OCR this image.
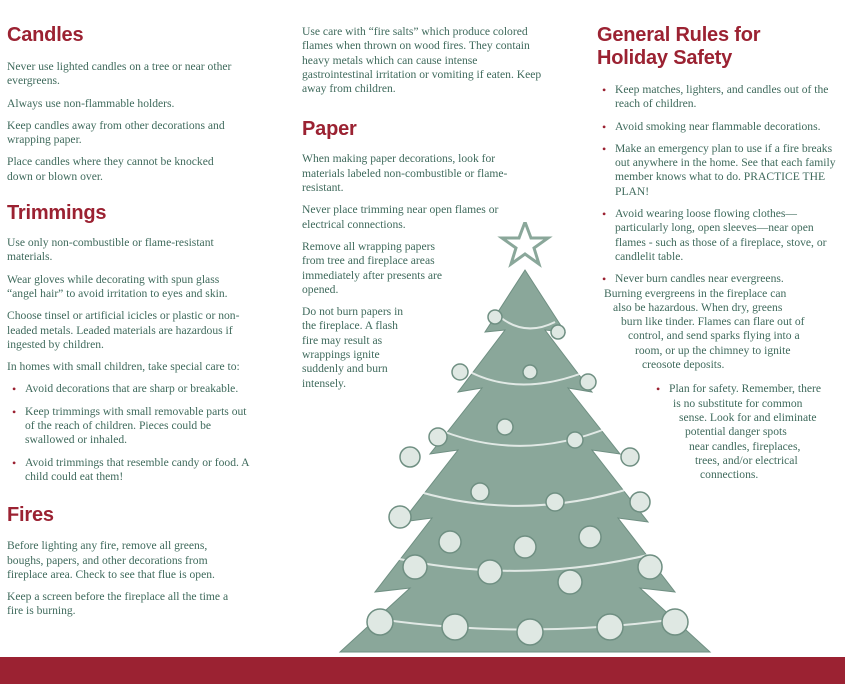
Candles

Never use lighted candles on a tree or near other evergreens.

Always use non-flammable holders.

Keep candles away from other decorations and wrapping paper.

Place candles where they cannot be knocked down or blown over.

Trimmings

Use only non-combustible or flame-resistant materials.

Wear gloves while decorating with spun glass “angel hair” to avoid irritation to eyes and skin.

Choose tinsel or artificial icicles or plastic or non-leaded metals. Leaded materials are hazardous if ingested by children.

In homes with small children, take special care to:

• Avoid decorations that are sharp or breakable.
• Keep trimmings with small removable parts out of the reach of children. Pieces could be swallowed or inhaled.
• Avoid trimmings that resemble candy or food. A child could eat them!
Fires

Before lighting any fire, remove all greens, boughs, papers, and other decorations from fireplace area. Check to see that flue is open.

Keep a screen before the fireplace all the time a fire is burning.

Use care with “fire salts” which produce colored flames when thrown on wood fires. They contain heavy metals which can cause intense gastrointestinal irritation or vomiting if eaten. Keep away from children.

Paper

When making paper decorations, look for materials labeled non-combustible or flame-resistant.

Never place trimming near open flames or electrical connections.

Remove all wrapping papers from tree and fireplace areas immediately after presents are opened.

Do not burn papers in the fireplace. A flash fire may result as wrappings ignite suddenly and burn intensely.

General Rules for
Holiday Safety
• Keep matches, lighters, and candles out of the reach of children.
• Avoid smoking near flammable decorations.
• Make an emergency plan to use if a fire breaks out anywhere in the home. See that each family member knows what to do. PRACTICE THE PLAN!
• Avoid wearing loose flowing clothes—particularly long, open sleeves—near open flames - such as those of a fireplace, stove, or candlelit table.
• Never burn candles near evergreens.
Burning evergreens in the fireplace can
also be hazardous. When dry, greens
burn like tinder. Flames can flare out of
control, and send sparks flying into a
room, or up the chimney to ignite
creosote deposits.
• Plan for safety. Remember, there
is no substitute for common
sense. Look for and eliminate
potential danger spots
near candles, fireplaces,
trees, and/or electrical
connections.
